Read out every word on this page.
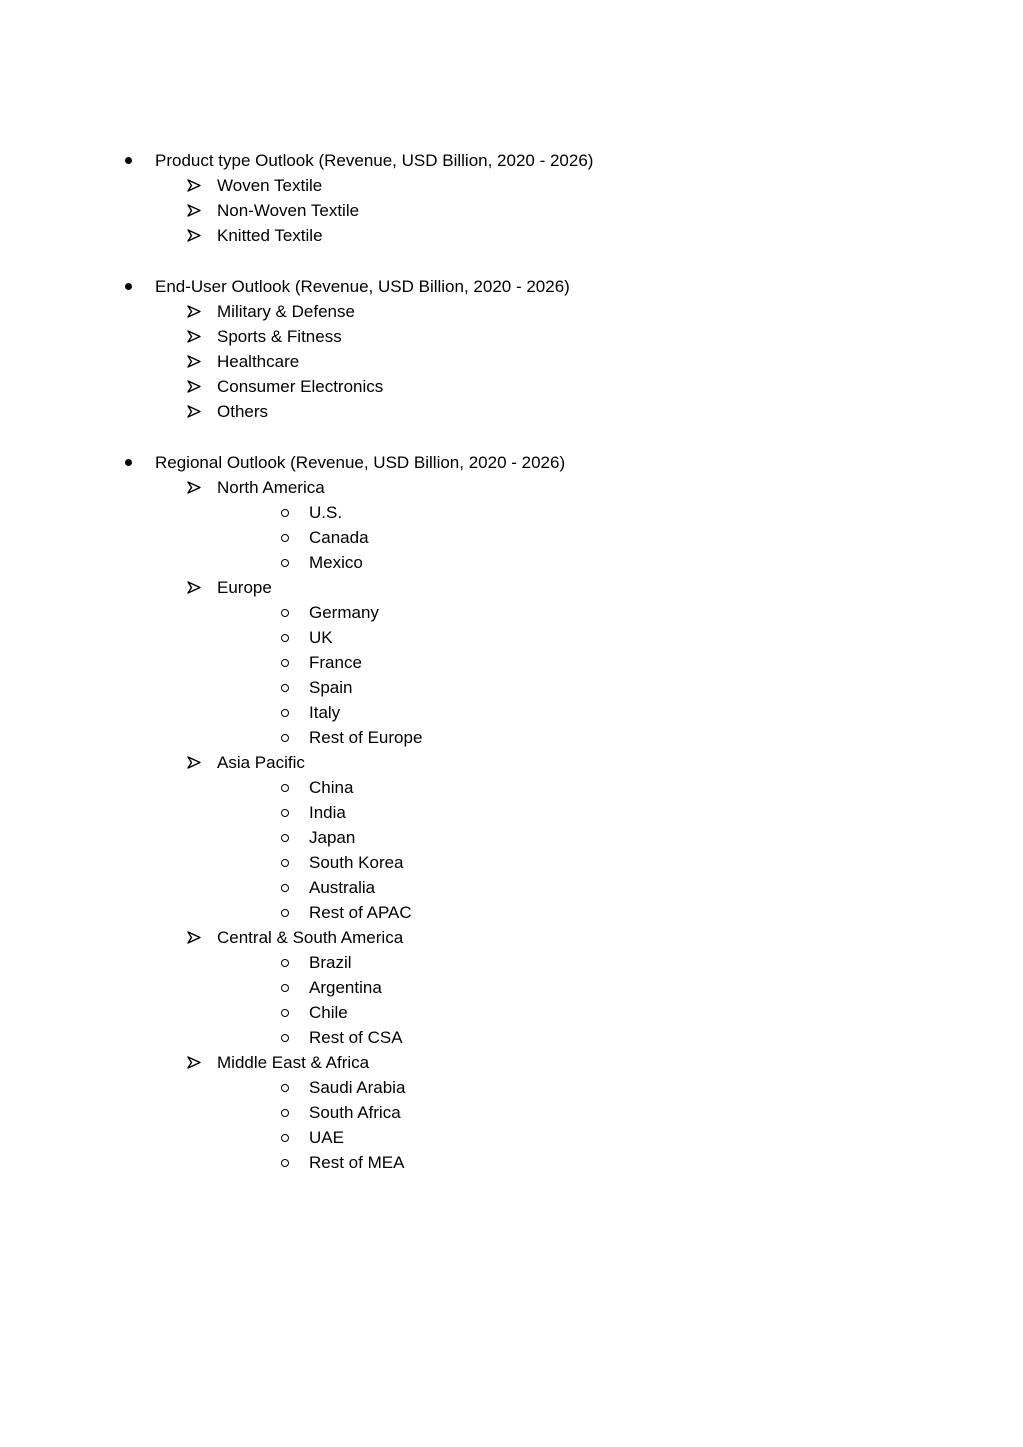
Product type Outlook (Revenue, USD Billion, 2020 - 2026)
Woven Textile
Non-Woven Textile
Knitted Textile
End-User Outlook (Revenue, USD Billion, 2020 - 2026)
Military & Defense
Sports & Fitness
Healthcare
Consumer Electronics
Others
Regional Outlook (Revenue, USD Billion, 2020 - 2026)
North America
U.S.
Canada
Mexico
Europe
Germany
UK
France
Spain
Italy
Rest of Europe
Asia Pacific
China
India
Japan
South Korea
Australia
Rest of APAC
Central & South America
Brazil
Argentina
Chile
Rest of CSA
Middle East & Africa
Saudi Arabia
South Africa
UAE
Rest of MEA
